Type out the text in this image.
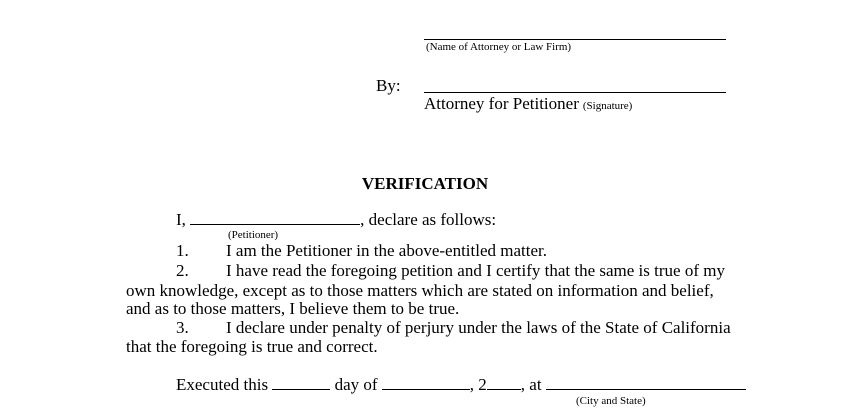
(Name of Attorney or Law Firm)
By:
Attorney for Petitioner (Signature)
VERIFICATION
I,	, declare as follows:
(Petitioner)
1. I am the Petitioner in the above-entitled matter.
2. I have read the foregoing petition and I certify that the same is true of my
own knowledge, except as to those matters which are stated on information and belief,
and as to those matters, I believe them to be true.
3. I declare under penalty of perjury under the laws of the State of California
that the foregoing is true and correct.
Executed this	day of	, 2 , at
(City and State)
